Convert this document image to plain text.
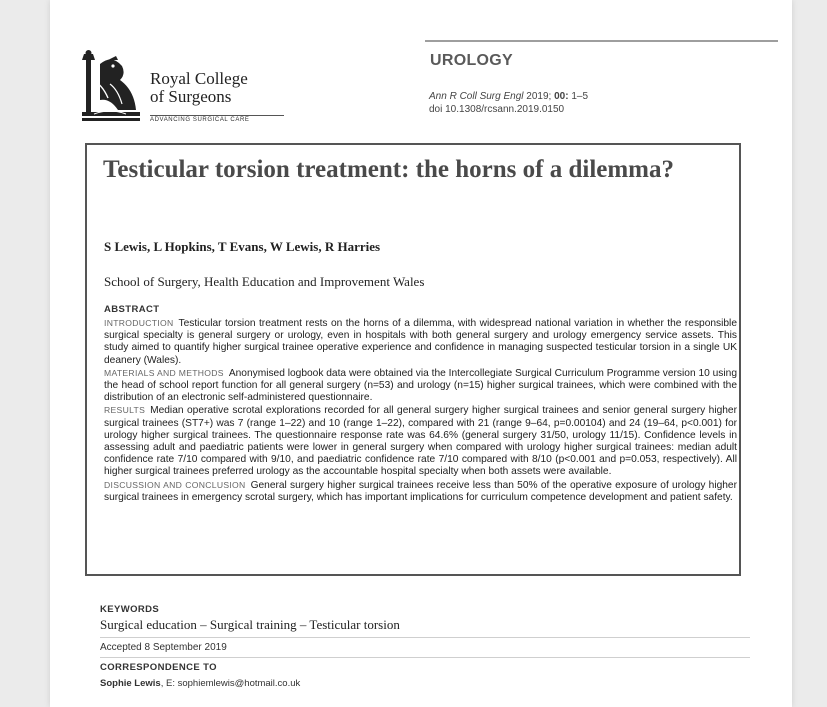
Royal College
of Surgeons
ADVANCING SURGICAL CARE
UROLOGY
Ann R Coll Surg Engl 2019; 00: 1–5
doi 10.1308/rcsann.2019.0150
Testicular torsion treatment: the horns of a dilemma?
S Lewis, L Hopkins, T Evans, W Lewis, R Harries
School of Surgery, Health Education and Improvement Wales
ABSTRACT

INTRODUCTION Testicular torsion treatment rests on the horns of a dilemma, with widespread national variation in whether the responsible surgical specialty is general surgery or urology, even in hospitals with both general surgery and urology emergency service assets. This study aimed to quantify higher surgical trainee operative experience and confidence in managing suspected testicular torsion in a single UK deanery (Wales).

MATERIALS AND METHODS Anonymised logbook data were obtained via the Intercollegiate Surgical Curriculum Programme version 10 using the head of school report function for all general surgery (n=53) and urology (n=15) higher surgical trainees, which were combined with the distribution of an electronic self-administered questionnaire.

RESULTS Median operative scrotal explorations recorded for all general surgery higher surgical trainees and senior general surgery higher surgical trainees (ST7+) was 7 (range 1–22) and 10 (range 1–22), compared with 21 (range 9–64, p=0.00104) and 24 (19–64, p<0.001) for urology higher surgical trainees. The questionnaire response rate was 64.6% (general surgery 31/50, urology 11/15). Confidence levels in assessing adult and paediatric patients were lower in general surgery when compared with urology higher surgical trainees: median adult confidence rate 7/10 compared with 9/10, and paediatric confidence rate 7/10 compared with 8/10 (p<0.001 and p=0.053, respectively). All higher surgical trainees preferred urology as the accountable hospital specialty when both assets were available.

DISCUSSION AND CONCLUSION General surgery higher surgical trainees receive less than 50% of the operative exposure of urology higher surgical trainees in emergency scrotal surgery, which has important implications for curriculum competence development and patient safety.

KEYWORDS
Surgical education – Surgical training – Testicular torsion
Accepted 8 September 2019
CORRESPONDENCE TO
Sophie Lewis, E: sophiemlewis@hotmail.co.uk
